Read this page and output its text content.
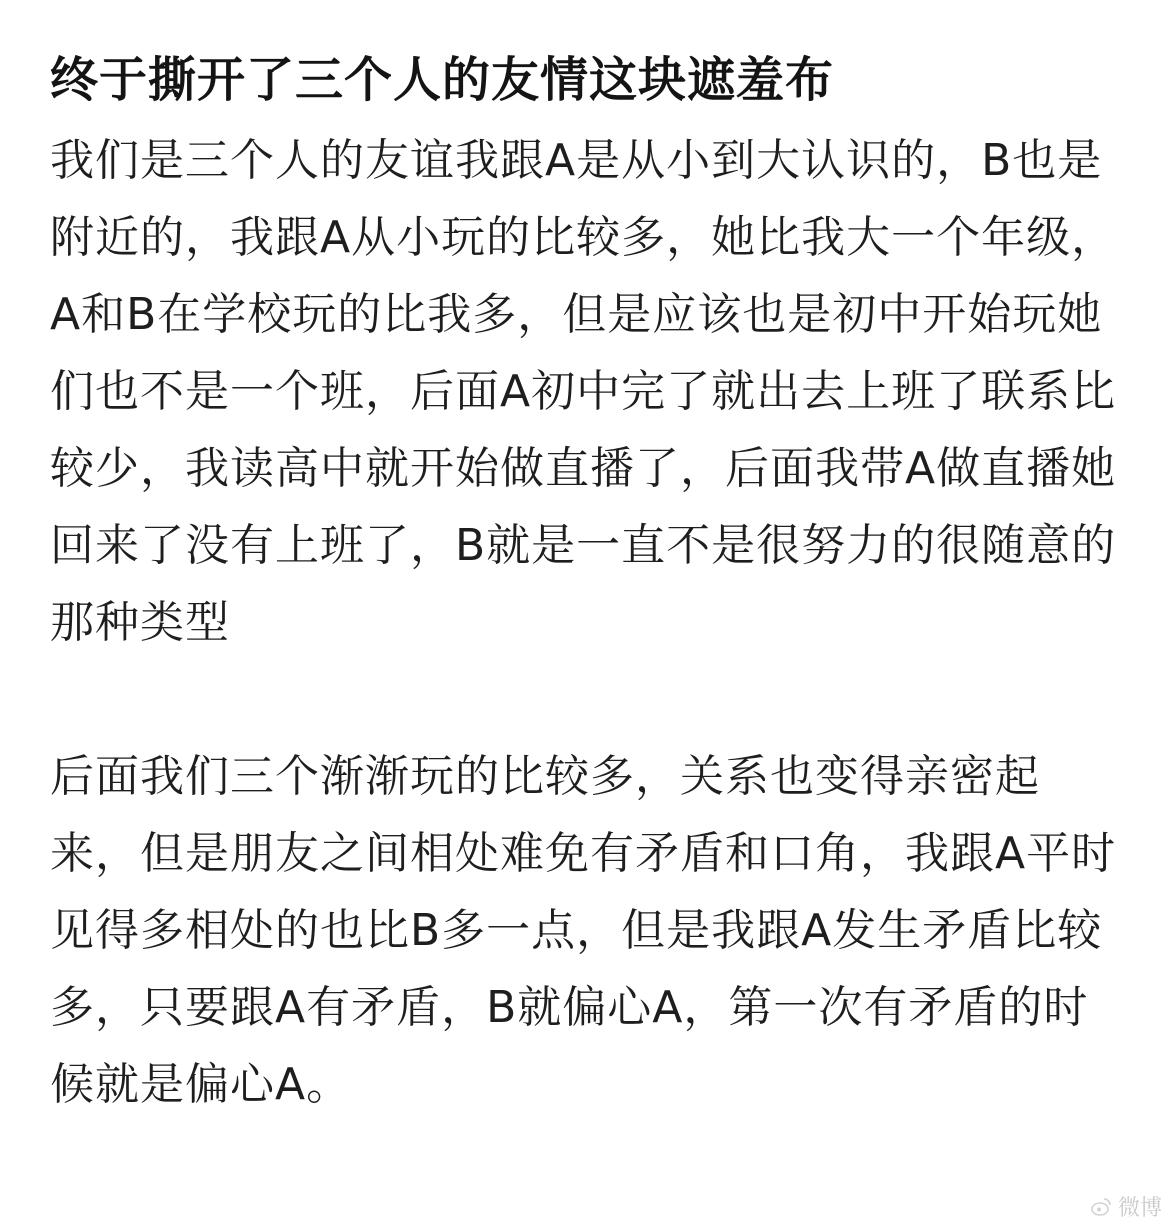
终于撕开了三个人的友情这块遮羞布

我们是三个人的友谊我跟A是从小到大认识的，B也是附近的，我跟A从小玩的比较多，她比我大一个年级，A和B在学校玩的比我多，但是应该也是初中开始玩她们也不是一个班，后面A初中完了就出去上班了联系比较少，我读高中就开始做直播了，后面我带A做直播她回来了没有上班了，B就是一直不是很努力的很随意的那种类型

后面我们三个渐渐玩的比较多，关系也变得亲密起来，但是朋友之间相处难免有矛盾和口角，我跟A平时见得多相处的也比B多一点，但是我跟A发生矛盾比较多，只要跟A有矛盾，B就偏心A，第一次有矛盾的时候就是偏心A。

微博
